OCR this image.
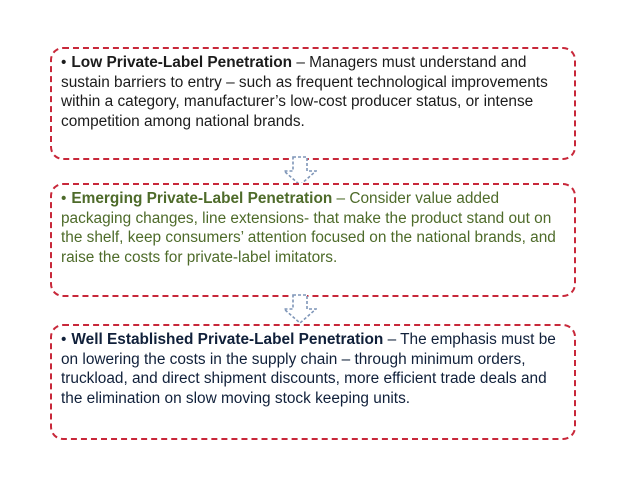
• Low Private-Label Penetration – Managers must understand and sustain barriers to entry – such as frequent technological improvements within a category, manufacturer’s low-cost producer status, or intense competition among national brands.
• Emerging Private-Label Penetration – Consider value added packaging changes, line extensions- that make the product stand out on the shelf, keep consumers’ attention focused on the national brands, and raise the costs for private-label imitators.
• Well Established Private-Label Penetration – The emphasis must be on lowering the costs in the supply chain – through minimum orders, truckload, and direct shipment discounts, more efficient trade deals and the elimination on slow moving stock keeping units.
